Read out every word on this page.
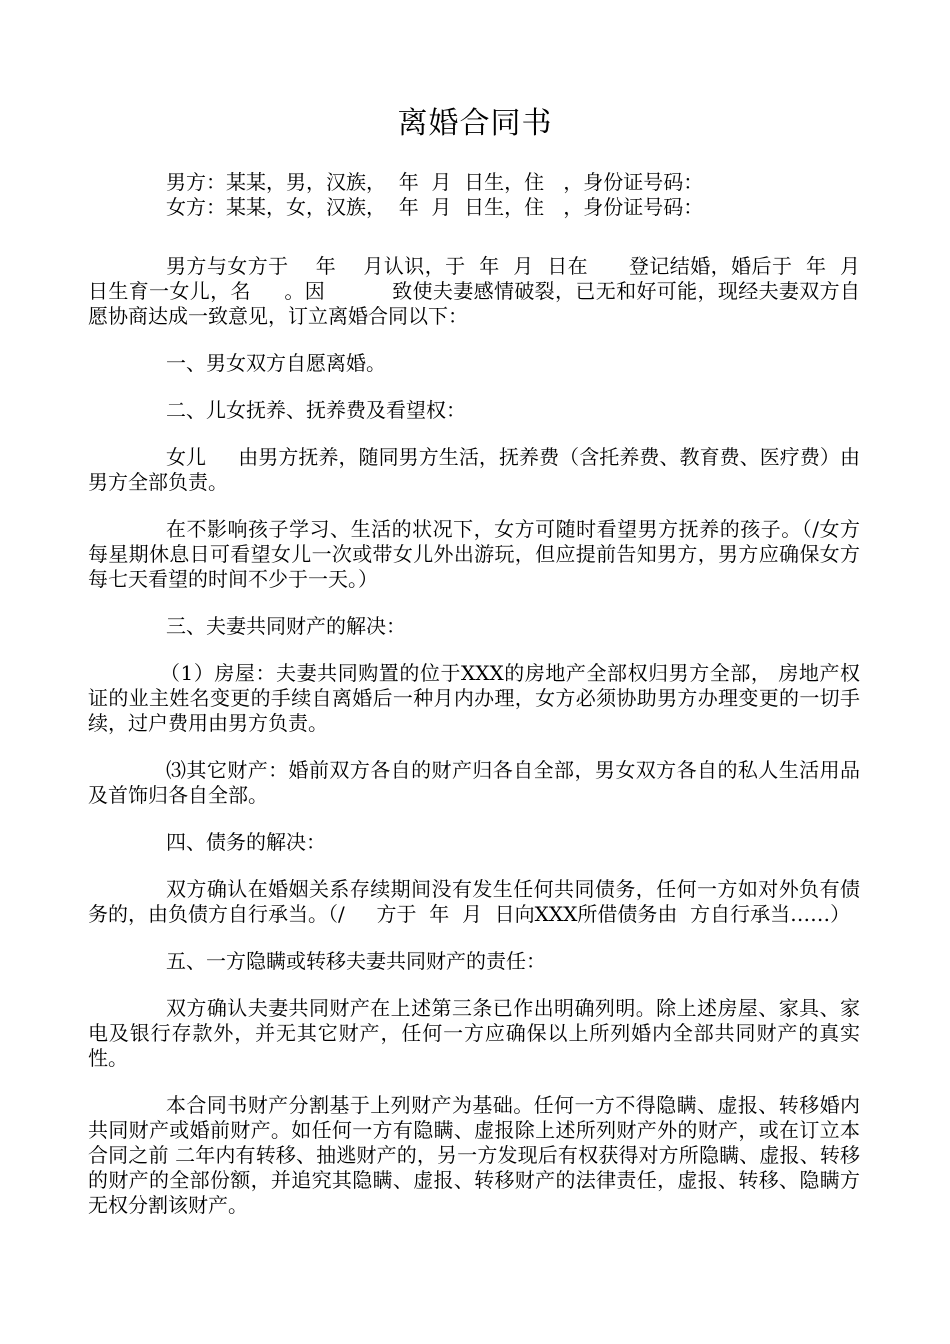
离婚合同书

男方：某某，男，汉族，  年  月  日生，住   ，身份证号码：

女方：某某，女，汉族，  年  月  日生，住   ，身份证号码：

男方与女方于    年    月认识，于  年  月  日在      登记结婚，婚后于  年  月  日生育一女儿，名     。因          致使夫妻感情破裂，已无和好可能，现经夫妻双方自愿协商达成一致意见，订立离婚合同以下：

一、男女双方自愿离婚。

二、儿女抚养、抚养费及看望权：

女儿     由男方抚养，随同男方生活，抚养费（含托养费、教育费、医疗费）由男方全部负责。

在不影响孩子学习、生活的状况下，女方可随时看望男方抚养的孩子。（/女方每星期休息日可看望女儿一次或带女儿外出游玩，但应提前告知男方，男方应确保女方每七天看望的时间不少于一天。）

三、夫妻共同财产的解决：

（1）房屋：夫妻共同购置的位于XXX的房地产全部权归男方全部， 房地产权证的业主姓名变更的手续自离婚后一种月内办理，女方必须协助男方办理变更的一切手续，过户费用由男方负责。

⑶其它财产：婚前双方各自的财产归各自全部，男女双方各自的私人生活用品及首饰归各自全部。

四、债务的解决：

双方确认在婚姻关系存续期间没有发生任何共同债务，任何一方如对外负有债务的，由负债方自行承当。（/     方于  年  月  日向XXX所借债务由  方自行承当……）

五、一方隐瞒或转移夫妻共同财产的责任：

双方确认夫妻共同财产在上述第三条已作出明确列明。除上述房屋、家具、家电及银行存款外，并无其它财产，任何一方应确保以上所列婚内全部共同财产的真实性。

本合同书财产分割基于上列财产为基础。任何一方不得隐瞒、虚报、转移婚内共同财产或婚前财产。如任何一方有隐瞒、虚报除上述所列财产外的财产，或在订立本合同之前 二年内有转移、抽逃财产的，另一方发现后有权获得对方所隐瞒、虚报、转移的财产的全部份额，并追究其隐瞒、虚报、转移财产的法律责任，虚报、转移、隐瞒方无权分割该财产。
